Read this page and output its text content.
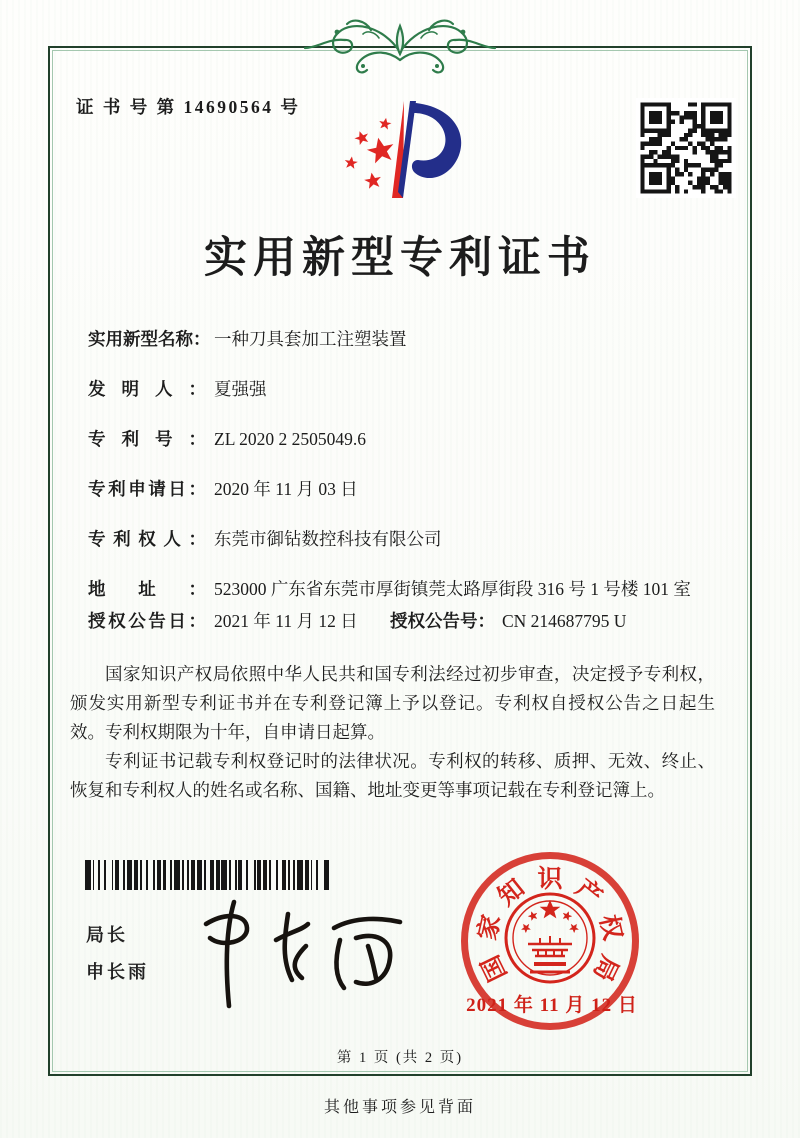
证 书 号 第 14690564 号
实用新型专利证书
实用新型名称： 一种刀具套加工注塑装置
发明人： 夏强强
专利号： ZL 2020 2 2505049.6
专利申请日： 2020 年 11 月 03 日
专利权人： 东莞市御钻数控科技有限公司
地址： 523000 广东省东莞市厚街镇莞太路厚街段 316 号 1 号楼 101 室
授权公告日： 2021 年 11 月 12 日 授权公告号： CN 214687795 U

国家知识产权局依照中华人民共和国专利法经过初步审查，决定授予专利权，颁发实用新型专利证书并在专利登记簿上予以登记。专利权自授权公告之日起生效。专利权期限为十年，自申请日起算。

专利证书记载专利权登记时的法律状况。专利权的转移、质押、无效、终止、恢复和专利权人的姓名或名称、国籍、地址变更等事项记载在专利登记簿上。

局长
申长雨	国
家
知 识 产
权
局
2021 年 11 月 12 日
第 1 页 (共 2 页)
其他事项参见背面
